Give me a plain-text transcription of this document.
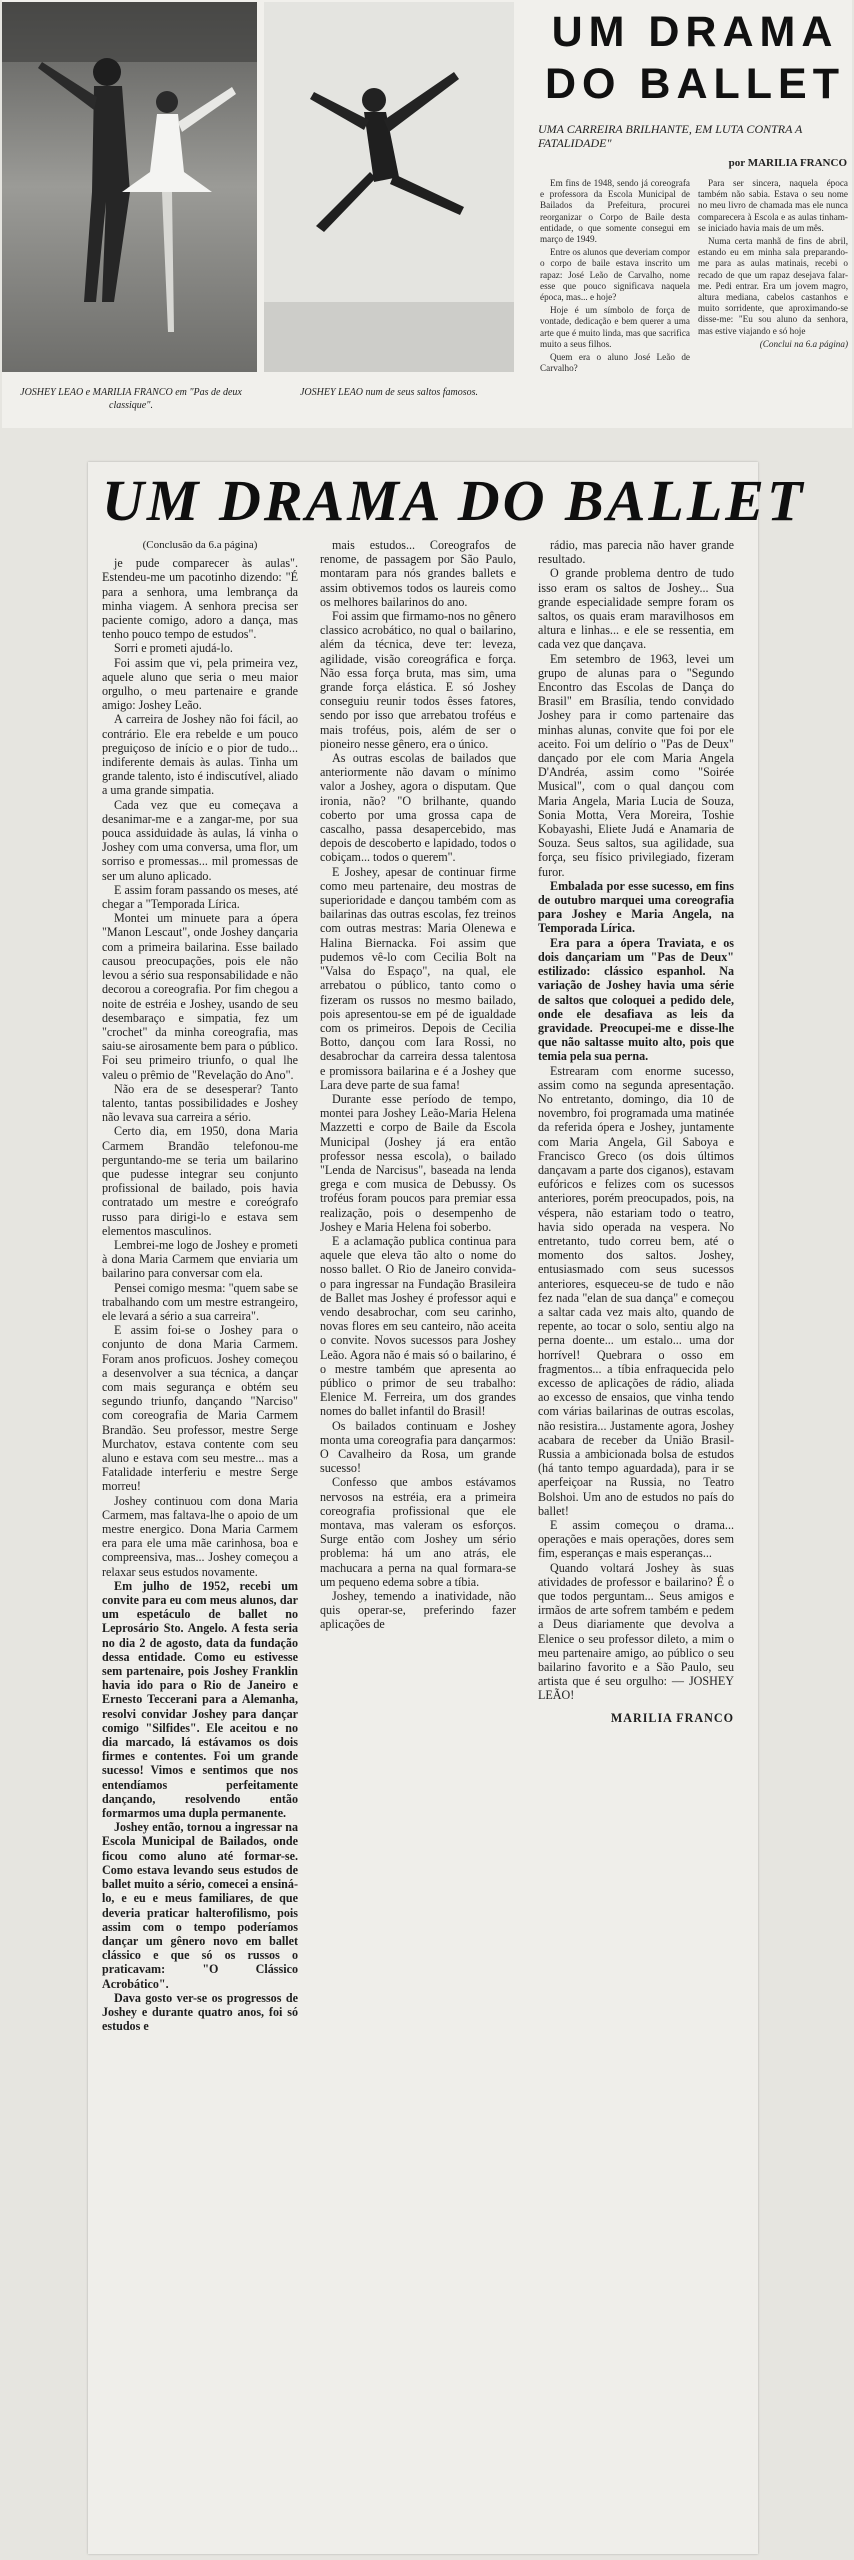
JOSHEY LEAO e MARILIA FRANCO em "Pas de deux classique".
JOSHEY LEAO num de seus saltos famosos.
UM DRAMA DO BALLET
UMA CARREIRA BRILHANTE, EM LUTA CONTRA A FATALIDADE"
por MARILIA FRANCO

Em fins de 1948, sendo já coreografa e professora da Escola Municipal de Bailados da Prefeitura, procurei reorganizar o Corpo de Baile desta entidade, o que somente consegui em março de 1949.

Entre os alunos que deveriam compor o corpo de baile estava inscrito um rapaz: José Leão de Carvalho, nome esse que pouco significava naquela época, mas... e hoje?

Hoje é um símbolo de força de vontade, dedicação e bem querer a uma arte que é muito linda, mas que sacrifica muito a seus filhos.

Quem era o aluno José Leão de Carvalho?

Para ser sincera, naquela época também não sabia. Estava o seu nome no meu livro de chamada mas ele nunca comparecera à Escola e as aulas tinham-se iniciado havia mais de um mês.

Numa certa manhã de fins de abril, estando eu em minha sala preparando-me para as aulas matinais, recebi o recado de que um rapaz desejava falar-me. Pedi entrar. Era um jovem magro, altura mediana, cabelos castanhos e muito sorridente, que aproximando-se disse-me: "Eu sou aluno da senhora, mas estive viajando e só hoje

(Conclui na 6.a página)

UM DRAMA DO BALLET

(Conclusão da 6.a página)

je pude comparecer às aulas". Estendeu-me um pacotinho dizendo: "É para a senhora, uma lembrança da minha viagem. A senhora precisa ser paciente comigo, adoro a dança, mas tenho pouco tempo de estudos".

Sorri e prometi ajudá-lo.

Foi assim que vi, pela primeira vez, aquele aluno que seria o meu maior orgulho, o meu partenaire e grande amigo: Joshey Leão.

A carreira de Joshey não foi fácil, ao contrário. Ele era rebelde e um pouco preguiçoso de início e o pior de tudo... indiferente demais às aulas. Tinha um grande talento, isto é indiscutível, aliado a uma grande simpatia.

Cada vez que eu começava a desanimar-me e a zangar-me, por sua pouca assiduidade às aulas, lá vinha o Joshey com uma conversa, uma flor, um sorriso e promessas... mil promessas de ser um aluno aplicado.

E assim foram passando os meses, até chegar a "Temporada Lírica.

Montei um minuete para a ópera "Manon Lescaut", onde Joshey dançaria com a primeira bailarina. Esse bailado causou preocupações, pois ele não levou a sério sua responsabilidade e não decorou a coreografia. Por fim chegou a noite de estréia e Joshey, usando de seu desembaraço e simpatia, fez um "crochet" da minha coreografia, mas saiu-se airosamente bem para o público. Foi seu primeiro triunfo, o qual lhe valeu o prêmio de "Revelação do Ano".

Não era de se desesperar? Tanto talento, tantas possibilidades e Joshey não levava sua carreira a sério.

Certo dia, em 1950, dona Maria Carmem Brandão telefonou-me perguntando-me se teria um bailarino que pudesse integrar seu conjunto profissional de bailado, pois havia contratado um mestre e coreógrafo russo para dirigi-lo e estava sem elementos masculinos.

Lembrei-me logo de Joshey e prometi à dona Maria Carmem que enviaria um bailarino para conversar com ela.

Pensei comigo mesma: "quem sabe se trabalhando com um mestre estrangeiro, ele levará a sério a sua carreira".

E assim foi-se o Joshey para o conjunto de dona Maria Carmem. Foram anos proficuos. Joshey começou a desenvolver a sua técnica, a dançar com mais segurança e obtém seu segundo triunfo, dançando "Narciso" com coreografia de Maria Carmem Brandão. Seu professor, mestre Serge Murchatov, estava contente com seu aluno e estava com seu mestre... mas a Fatalidade interferiu e mestre Serge morreu!

Joshey continuou com dona Maria Carmem, mas faltava-lhe o apoio de um mestre energico. Dona Maria Carmem era para ele uma mãe carinhosa, boa e compreensiva, mas... Joshey começou a relaxar seus estudos novamente.

Em julho de 1952, recebi um convite para eu com meus alunos, dar um espetáculo de ballet no Leprosário Sto. Angelo. A festa seria no dia 2 de agosto, data da fundação dessa entidade. Como eu estivesse sem partenaire, pois Joshey Franklin havia ido para o Rio de Janeiro e Ernesto Teccerani para a Alemanha, resolvi convidar Joshey para dançar comigo "Silfides". Ele aceitou e no dia marcado, lá estávamos os dois firmes e contentes. Foi um grande sucesso! Vimos e sentimos que nos entendíamos perfeitamente dançando, resolvendo então formarmos uma dupla permanente.

Joshey então, tornou a ingressar na Escola Municipal de Bailados, onde ficou como aluno até formar-se. Como estava levando seus estudos de ballet muito a sério, comecei a ensiná-lo, e eu e meus familiares, de que deveria praticar halterofilismo, pois assim com o tempo poderíamos dançar um gênero novo em ballet clássico e que só os russos o praticavam: "O Clássico Acrobático".

Dava gosto ver-se os progressos de Joshey e durante quatro anos, foi só estudos e

mais estudos... Coreografos de renome, de passagem por São Paulo, montaram para nós grandes ballets e assim obtivemos todos os laureis como os melhores bailarinos do ano.

Foi assim que firmamo-nos no gênero classico acrobático, no qual o bailarino, além da técnica, deve ter: leveza, agilidade, visão coreográfica e força. Não essa força bruta, mas sim, uma grande força elástica. E só Joshey conseguiu reunir todos êsses fatores, sendo por isso que arrebatou troféus e mais troféus, pois, além de ser o pioneiro nesse gênero, era o único.

As outras escolas de bailados que anteriormente não davam o mínimo valor a Joshey, agora o disputam. Que ironia, não? "O brilhante, quando coberto por uma grossa capa de cascalho, passa desapercebido, mas depois de descoberto e lapidado, todos o cobiçam... todos o querem".

E Joshey, apesar de continuar firme como meu partenaire, deu mostras de superioridade e dançou também com as bailarinas das outras escolas, fez treinos com outras mestras: Maria Olenewa e Halina Biernacka. Foi assim que pudemos vê-lo com Cecilia Bolt na "Valsa do Espaço", na qual, ele arrebatou o público, tanto como o fizeram os russos no mesmo bailado, pois apresentou-se em pé de igualdade com os primeiros. Depois de Cecilia Botto, dançou com Iara Rossi, no desabrochar da carreira dessa talentosa e promissora bailarina e é a Joshey que Lara deve parte de sua fama!

Durante esse período de tempo, montei para Joshey Leão-Maria Helena Mazzetti e corpo de Baile da Escola Municipal (Joshey já era então professor nessa escola), o bailado "Lenda de Narcisus", baseada na lenda grega e com musica de Debussy. Os troféus foram poucos para premiar essa realização, pois o desempenho de Joshey e Maria Helena foi soberbo.

E a aclamação publica continua para aquele que eleva tão alto o nome do nosso ballet. O Rio de Janeiro convida-o para ingressar na Fundação Brasileira de Ballet mas Joshey é professor aqui e vendo desabrochar, com seu carinho, novas flores em seu canteiro, não aceita o convite. Novos sucessos para Joshey Leão. Agora não é mais só o bailarino, é o mestre também que apresenta ao público o primor de seu trabalho: Elenice M. Ferreira, um dos grandes nomes do ballet infantil do Brasil!

Os bailados continuam e Joshey monta uma coreografia para dançarmos: O Cavalheiro da Rosa, um grande sucesso!

Confesso que ambos estávamos nervosos na estréia, era a primeira coreografia profissional que ele montava, mas valeram os esforços. Surge então com Joshey um sério problema: há um ano atrás, ele machucara a perna na qual formara-se um pequeno edema sobre a tíbia.

Joshey, temendo a inatividade, não quis operar-se, preferindo fazer aplicações de

rádio, mas parecia não haver grande resultado.

O grande problema dentro de tudo isso eram os saltos de Joshey... Sua grande especialidade sempre foram os saltos, os quais eram maravilhosos em altura e linhas... e ele se ressentia, em cada vez que dançava.

Em setembro de 1963, levei um grupo de alunas para o "Segundo Encontro das Escolas de Dança do Brasil" em Brasília, tendo convidado Joshey para ir como partenaire das minhas alunas, convite que foi por ele aceito. Foi um delírio o "Pas de Deux" dançado por ele com Maria Angela D'Andréa, assim como "Soirée Musical", com o qual dançou com Maria Angela, Maria Lucia de Souza, Sonia Motta, Vera Moreira, Toshie Kobayashi, Eliete Judá e Anamaria de Souza. Seus saltos, sua agilidade, sua força, seu físico privilegiado, fizeram furor.

Embalada por esse sucesso, em fins de outubro marquei uma coreografia para Joshey e Maria Angela, na Temporada Lírica.

Era para a ópera Traviata, e os dois dançariam um "Pas de Deux" estilizado: clássico espanhol. Na variação de Joshey havia uma série de saltos que coloquei a pedido dele, onde ele desafiava as leis da gravidade. Preocupei-me e disse-lhe que não saltasse muito alto, pois que temia pela sua perna.

Estrearam com enorme sucesso, assim como na segunda apresentação. No entretanto, domingo, dia 10 de novembro, foi programada uma matinée da referida ópera e Joshey, juntamente com Maria Angela, Gil Saboya e Francisco Greco (os dois últimos dançavam a parte dos ciganos), estavam eufóricos e felizes com os sucessos anteriores, porém preocupados, pois, na véspera, não estariam todo o teatro, havia sido operada na vespera. No entretanto, tudo correu bem, até o momento dos saltos. Joshey, entusiasmado com seus sucessos anteriores, esqueceu-se de tudo e não fez nada "elan de sua dança" e começou a saltar cada vez mais alto, quando de repente, ao tocar o solo, sentiu algo na perna doente... um estalo... uma dor horrível! Quebrara o osso em fragmentos... a tíbia enfraquecida pelo excesso de aplicações de rádio, aliada ao excesso de ensaios, que vinha tendo com várias bailarinas de outras escolas, não resistira... Justamente agora, Joshey acabara de receber da União Brasil-Russia a ambicionada bolsa de estudos (há tanto tempo aguardada), para ir se aperfeiçoar na Russia, no Teatro Bolshoi. Um ano de estudos no país do ballet!

E assim começou o drama... operações e mais operações, dores sem fim, esperanças e mais esperanças...

Quando voltará Joshey às suas atividades de professor e bailarino? É o que todos perguntam... Seus amigos e irmãos de arte sofrem também e pedem a Deus diariamente que devolva a Elenice o seu professor dileto, a mim o meu partenaire amigo, ao público o seu bailarino favorito e a São Paulo, seu artista que é seu orgulho: — JOSHEY LEÃO!

MARILIA FRANCO
